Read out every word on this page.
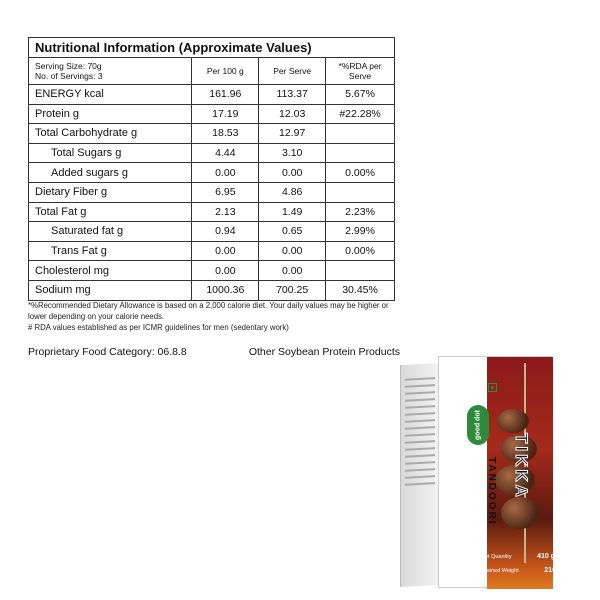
Nutritional Information (Approximate Values)			

Serving Size: 70g
No. of Servings: 3	Per 100 g	Per Serve	*%RDA per Serve
ENERGY kcal	161.96	113.37	5.67%
Protein g	17.19	12.03	#22.28%
Total Carbohydrate g	18.53	12.97	
Total Sugars g	4.44	3.10	
Added sugars g	0.00	0.00	0.00%
Dietary Fiber g	6.95	4.86	
Total Fat g	2.13	1.49	2.23%
Saturated fat g	0.94	0.65	2.99%
Trans Fat g	0.00	0.00	0.00%
Cholesterol mg	0.00	0.00	
Sodium mg	1000.36	700.25	30.45%
*%Recommended Dietary Allowance is based on a 2,000 calorie diet. Your daily values may be higher or lower depending on your calorie needs.
# RDA values established as per ICMR guidelines for men (sedentary work)
Proprietary Food Category: 06.8.8	Other Soybean Protein Products
good dot
TANDOORI TIKKA
Net Quantity	410 g
Drained Weight	210 g
